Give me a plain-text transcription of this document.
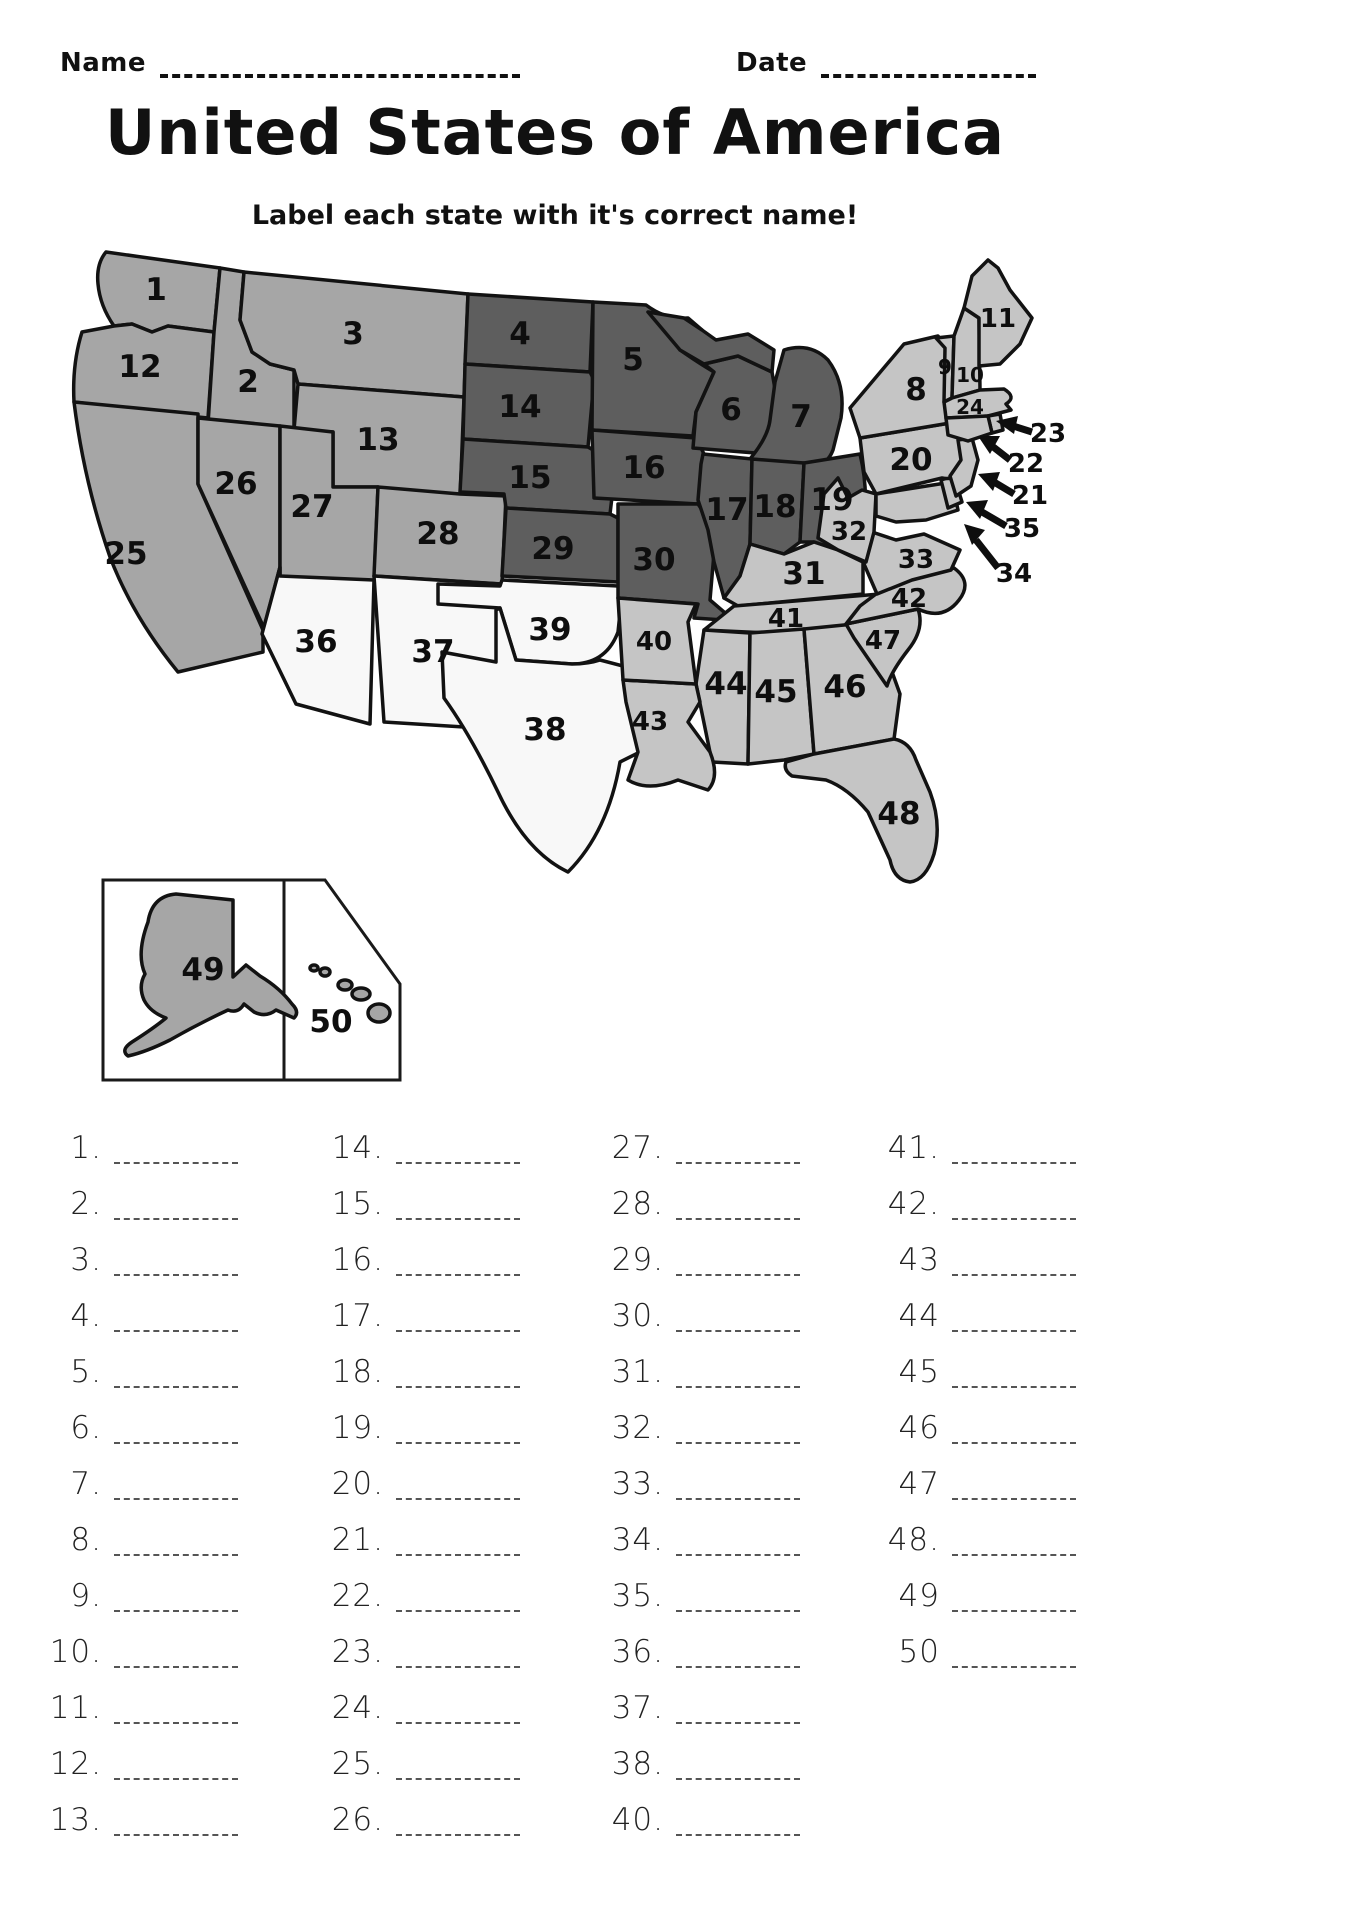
Name	Date
United States of America
Label each state with it's correct name!
1
12
25
2
3
26
13
27
28
36 37
39
38
4
14
15
29
5
16
30
6
17
7
18 19
31
41
44 45 46
48
47
42
33
32
20
8
9 10
11
24
40
43
23
22
21
35
34
49
50
1.
2.
3.
4.
5.
6.
7.
8.
9.
10.
11.
12.
13.
14.
15.
16.
17.
18.
19.
20.
21.
22.
23.
24.
25.
26.
27.
28.
29.
30.
31.
32.
33.
34.
35.
36.
37.
38.
40.
41.
42.
43
44
45
46
47
48.
49
50
